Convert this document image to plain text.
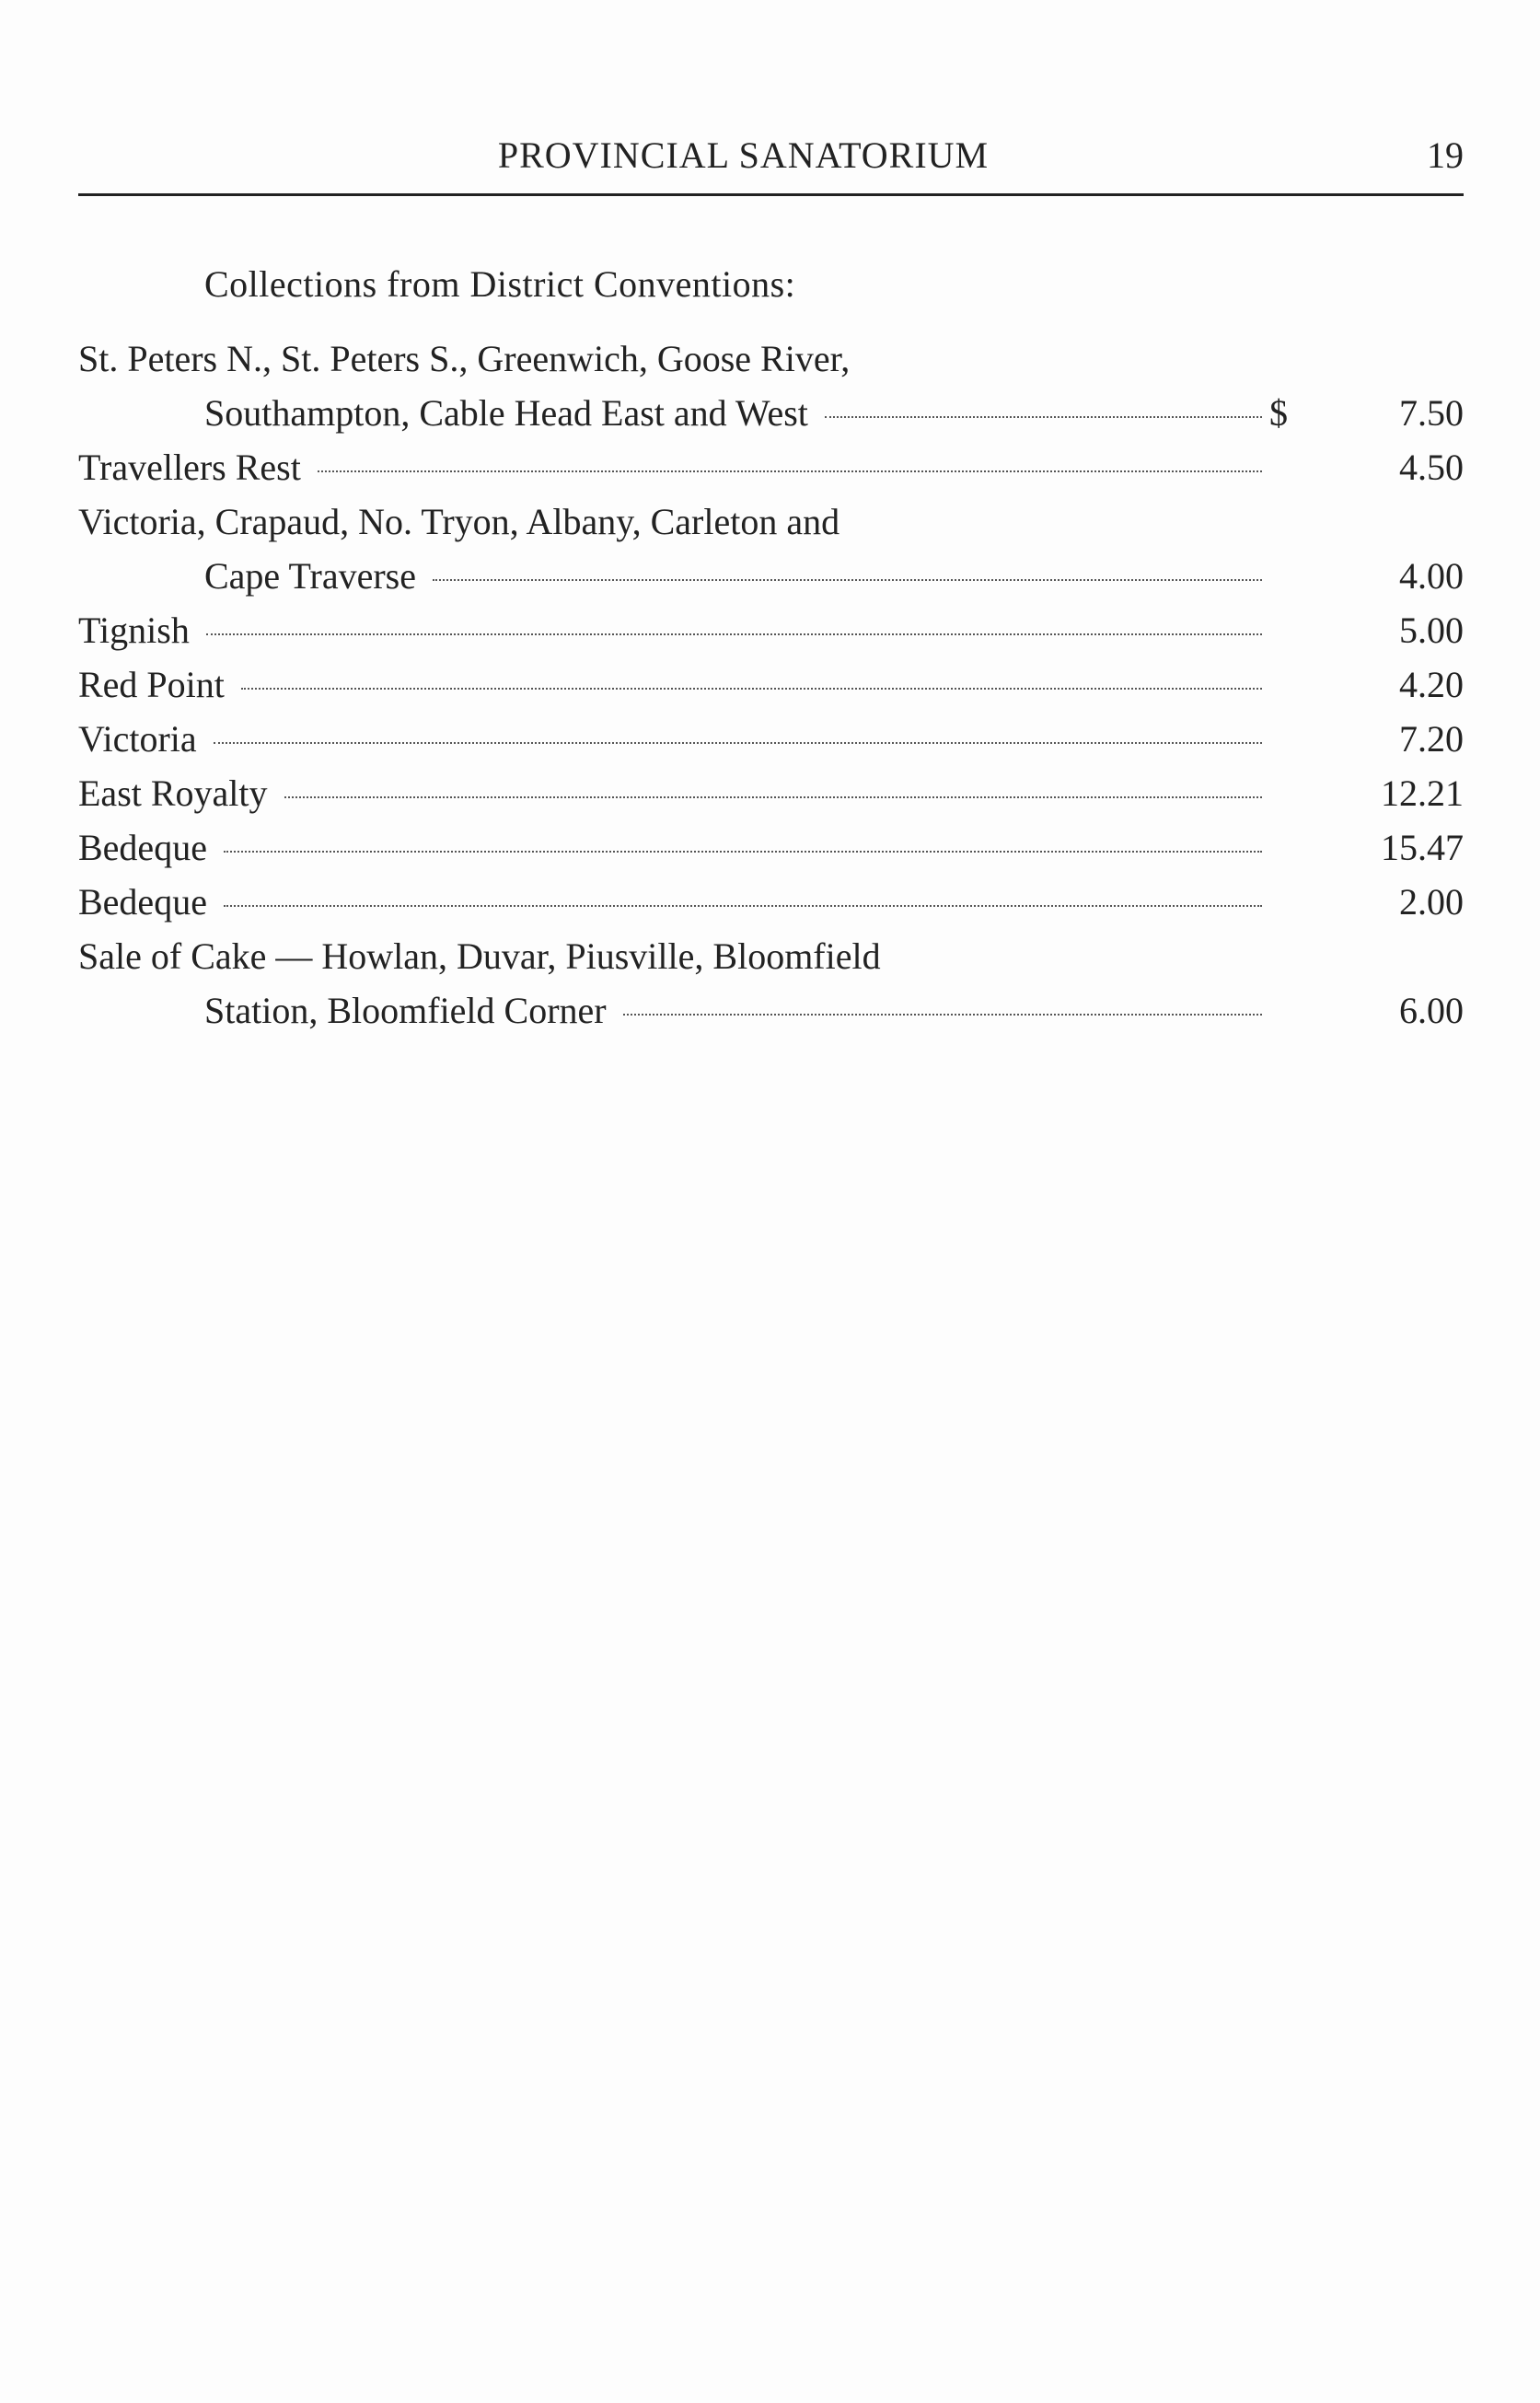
PROVINCIAL SANATORIUM	19
Collections from District Conventions:
St. Peters N., St. Peters S., Greenwich, Goose River,
Southampton, Cable Head East and West	$	7.50
Travellers Rest	4.50
Victoria, Crapaud, No. Tryon, Albany, Carleton and
Cape Traverse	4.00
Tignish	5.00
Red Point	4.20
Victoria	7.20
East Royalty	12.21
Bedeque	15.47
Bedeque	2.00
Sale of Cake — Howlan, Duvar, Piusville, Bloomfield
Station, Bloomfield Corner	6.00
